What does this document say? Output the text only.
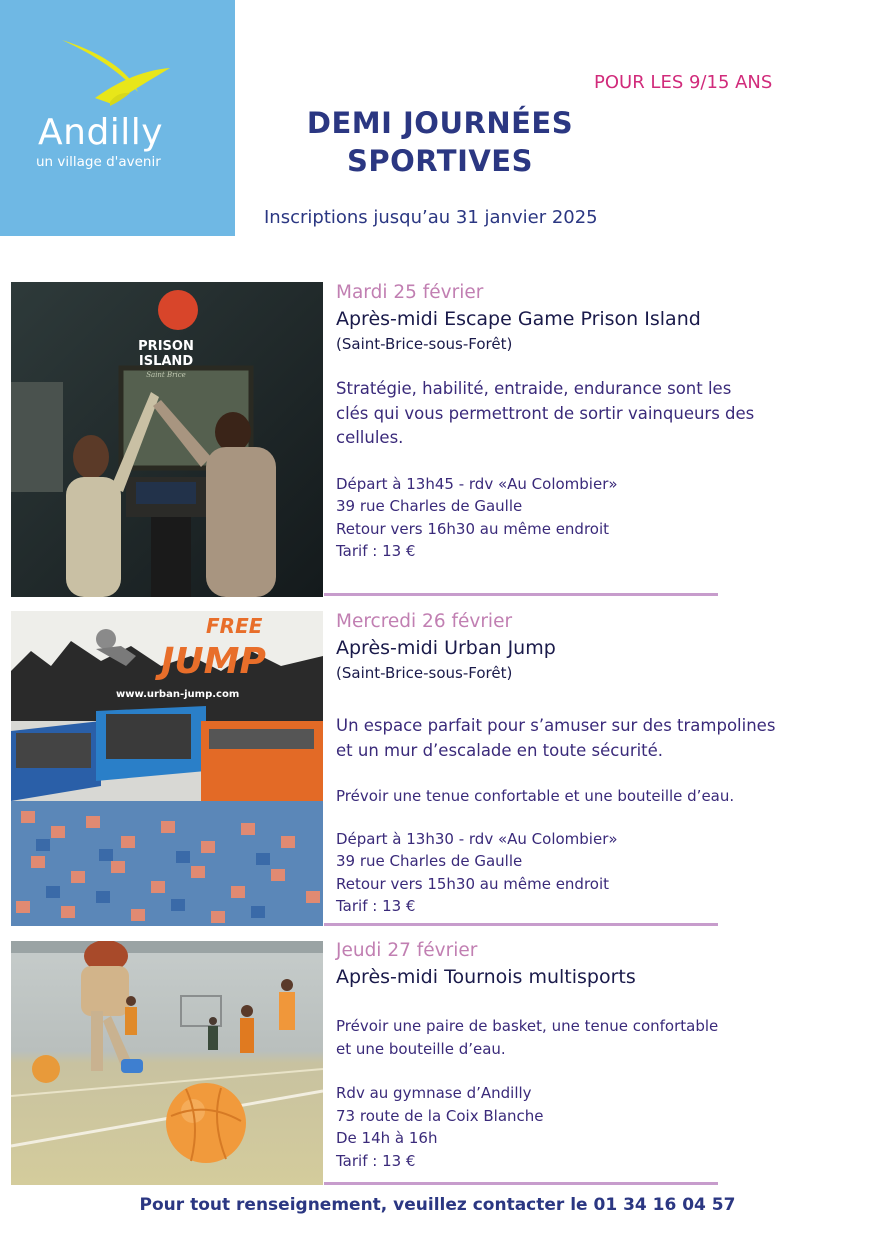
Andilly
un village d'avenir
POUR LES 9/15 ANS
DEMI JOURNÉES
SPORTIVES
Inscriptions jusqu’au 31 janvier 2025
PRISON
ISLAND
Saint Brice
Mardi 25 février
Après-midi Escape Game Prison Island
(Saint-Brice-sous-Forêt)
Stratégie, habilité, entraide, endurance sont les
clés qui vous permettront de sortir vainqueurs des
cellules.
Départ à 13h45 - rdv «Au Colombier»
39 rue Charles de Gaulle
Retour vers 16h30 au même endroit
Tarif : 13 €
FREE
JUMP
www.urban-jump.com
Mercredi 26 février
Après-midi Urban Jump
(Saint-Brice-sous-Forêt)
Un espace parfait pour s’amuser sur des trampolines
et un mur d’escalade en toute sécurité.
Prévoir une tenue confortable et une bouteille d’eau.
Départ à 13h30 - rdv «Au Colombier»
39 rue Charles de Gaulle
Retour vers 15h30 au même endroit
Tarif : 13 €
Jeudi 27 février
Après-midi Tournois multisports
Prévoir une paire de basket, une tenue confortable
et une bouteille d’eau.
Rdv au gymnase d’Andilly
73 route de la Coix Blanche
De 14h à 16h
Tarif : 13 €
Pour tout renseignement, veuillez contacter le 01 34 16 04 57
